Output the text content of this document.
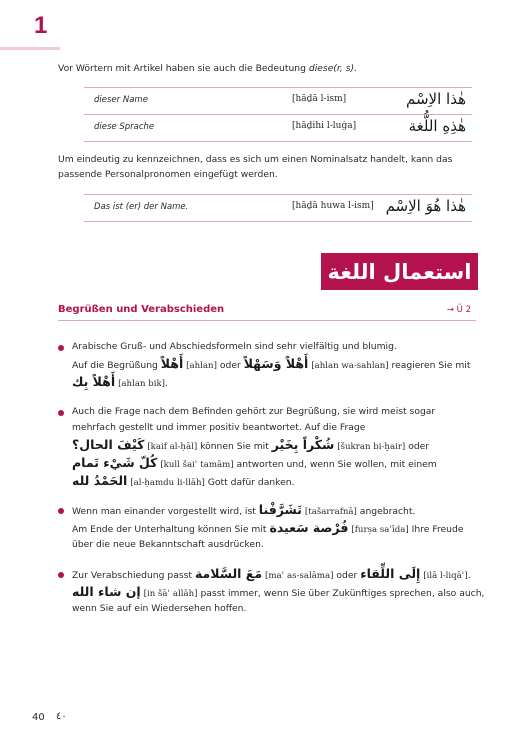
1
Vor Wörtern mit Artikel haben sie auch die Bedeutung diese(r, s).
dieser Name	[hāḏā l-ism]	هٰذا الاِسْم
diese Sprache	[hāḏihi l-luġa]	هٰذِهِ اللُّغة
Um eindeutig zu kennzeichnen, dass es sich um einen Nominalsatz handelt, kann das
passende Personalpronomen eingefügt werden.
Das ist (er) der Name.	[hāḏā huwa l-ism] هٰذا هُوَ الاِسْم
استعمال اللغة
Begrüßen und Verabschieden	→ Ü 2
Arabische Gruß- und Abschiedsformeln sind sehr vielfältig und blumig.
Auf die Begrüßung أَهْلاً [ahlan] oder أَهْلاً وَسَهْلاً [ahlan wa-sahlan] reagieren Sie mit
أَهْلاً بِك [ahlan bik].
Auch die Frage nach dem Befinden gehört zur Begrüßung, sie wird meist sogar
mehrfach gestellt und immer positiv beantwortet. Auf die Frage
كَيْفَ الحال؟ [kaif al-ḥāl] können Sie mit شُكْراً بِخَيْر [šukran bi-ḫair] oder
كُلّ شَيْء تَمام [kull šaiʾ tamām] antworten und, wenn Sie wollen, mit einem
الحَمْدُ لله [al-ḥamdu li-llāh] Gott dafür danken.
Wenn man einander vorgestellt wird, ist تَشَرَّفْنا [tašarrafnā] angebracht.
Am Ende der Unterhaltung können Sie mit فُرْصة سَعيدة [furṣa saʿīda] Ihre Freude
über die neue Bekanntschaft ausdrücken.
Zur Verabschiedung passt مَعَ السَّلامة [maʿ as-salāma] oder إِلَى اللِّقاء [ilā l-liqāʾ].
إن شاء الله [in šāʾ allāh] passt immer, wenn Sie über Zukünftiges sprechen, also auch,
wenn Sie auf ein Wiedersehen hoffen.
40 ٤٠
